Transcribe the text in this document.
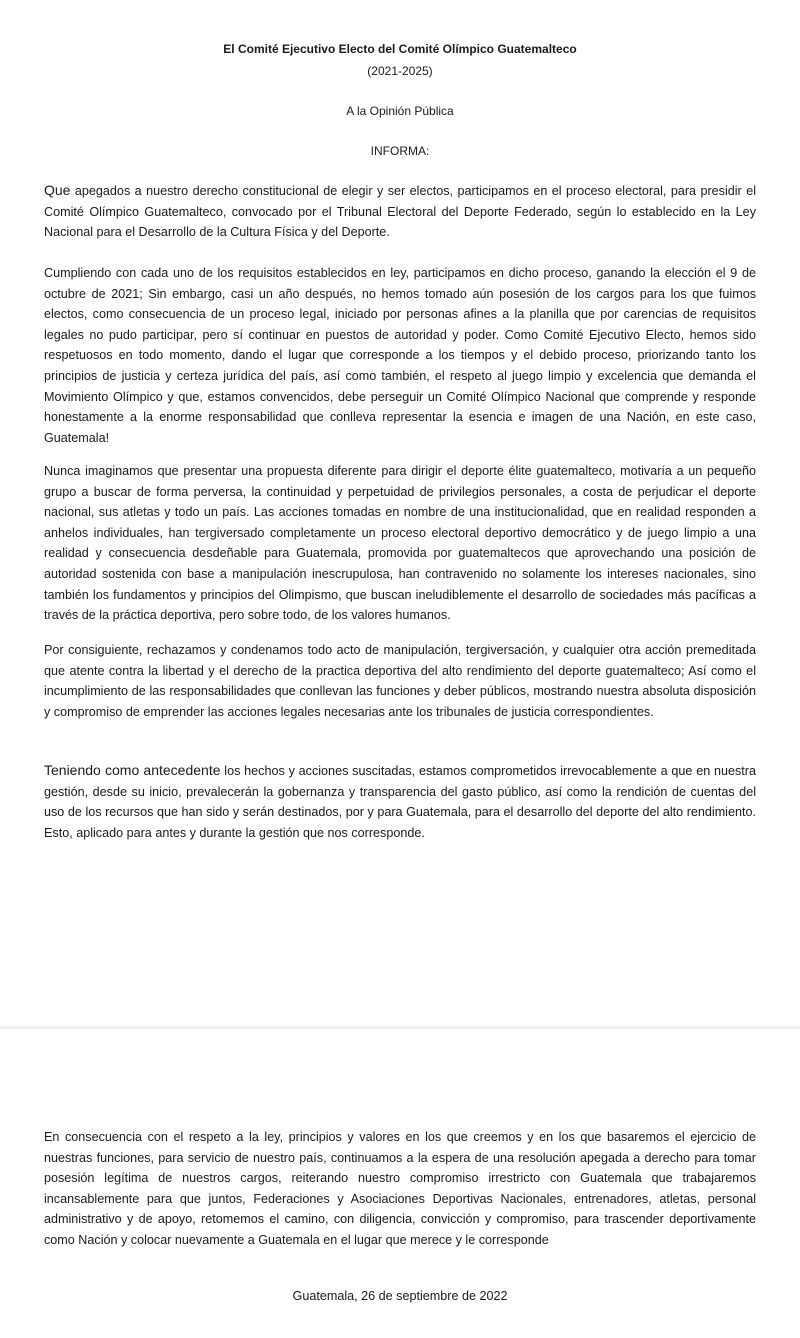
El Comité Ejecutivo Electo del Comité Olímpico Guatemalteco
(2021-2025)
A la Opinión Pública
INFORMA:

Que apegados a nuestro derecho constitucional de elegir y ser electos, participamos en el proceso electoral, para presidir el Comité Olímpico Guatemalteco, convocado por el Tribunal Electoral del Deporte Federado, según lo establecido en la Ley Nacional para el Desarrollo de la Cultura Física y del Deporte.

Cumpliendo con cada uno de los requisitos establecidos en ley, participamos en dicho proceso, ganando la elección el 9 de octubre de 2021; Sin embargo, casi un año después, no hemos tomado aún posesión de los cargos para los que fuimos electos, como consecuencia de un proceso legal, iniciado por personas afines a la planilla que por carencias de requisitos legales no pudo participar, pero sí continuar en puestos de autoridad y poder. Como Comité Ejecutivo Electo, hemos sido respetuosos en todo momento, dando el lugar que corresponde a los tiempos y el debido proceso, priorizando tanto los principios de justicia y certeza jurídica del país, así como también, el respeto al juego limpio y excelencia que demanda el Movimiento Olímpico y que, estamos convencidos, debe perseguir un Comité Olímpico Nacional que comprende y responde honestamente a la enorme responsabilidad que conlleva representar la esencia e imagen de una Nación, en este caso, Guatemala!

Nunca imaginamos que presentar una propuesta diferente para dirigir el deporte élite guatemalteco, motivaría a un pequeño grupo a buscar de forma perversa, la continuidad y perpetuidad de privilegios personales, a costa de perjudicar el deporte nacional, sus atletas y todo un país. Las acciones tomadas en nombre de una institucionalidad, que en realidad responden a anhelos individuales, han tergiversado completamente un proceso electoral deportivo democrático y de juego limpio a una realidad y consecuencia desdeñable para Guatemala, promovida por guatemaltecos que aprovechando una posición de autoridad sostenida con base a manipulación inescrupulosa, han contravenido no solamente los intereses nacionales, sino también los fundamentos y principios del Olimpismo, que buscan ineludiblemente el desarrollo de sociedades más pacíficas a través de la práctica deportiva, pero sobre todo, de los valores humanos.

Por consiguiente, rechazamos y condenamos todo acto de manipulación, tergiversación, y cualquier otra acción premeditada que atente contra la libertad y el derecho de la practica deportiva del alto rendimiento del deporte guatemalteco; Así como el incumplimiento de las responsabilidades que conllevan las funciones y deber públicos, mostrando nuestra absoluta disposición y compromiso de emprender las acciones legales necesarias ante los tribunales de justicia correspondientes.

Teniendo como antecedente los hechos y acciones suscitadas, estamos comprometidos irrevocablemente a que en nuestra gestión, desde su inicio, prevalecerán la gobernanza y transparencia del gasto público, así como la rendición de cuentas del uso de los recursos que han sido y serán destinados, por y para Guatemala, para el desarrollo del deporte del alto rendimiento. Esto, aplicado para antes y durante la gestión que nos corresponde.

En consecuencia con el respeto a la ley, principios y valores en los que creemos y en los que basaremos el ejercicio de nuestras funciones, para servicio de nuestro país, continuamos a la espera de una resolución apegada a derecho para tomar posesión legítima de nuestros cargos, reiterando nuestro compromiso irrestricto con Guatemala que trabajaremos incansablemente para que juntos, Federaciones y Asociaciones Deportivas Nacionales, entrenadores, atletas, personal administrativo y de apoyo, retomemos el camino, con diligencia, convicción y compromiso, para trascender deportivamente como Nación y colocar nuevamente a Guatemala en el lugar que merece y le corresponde

Guatemala, 26 de septiembre de 2022
